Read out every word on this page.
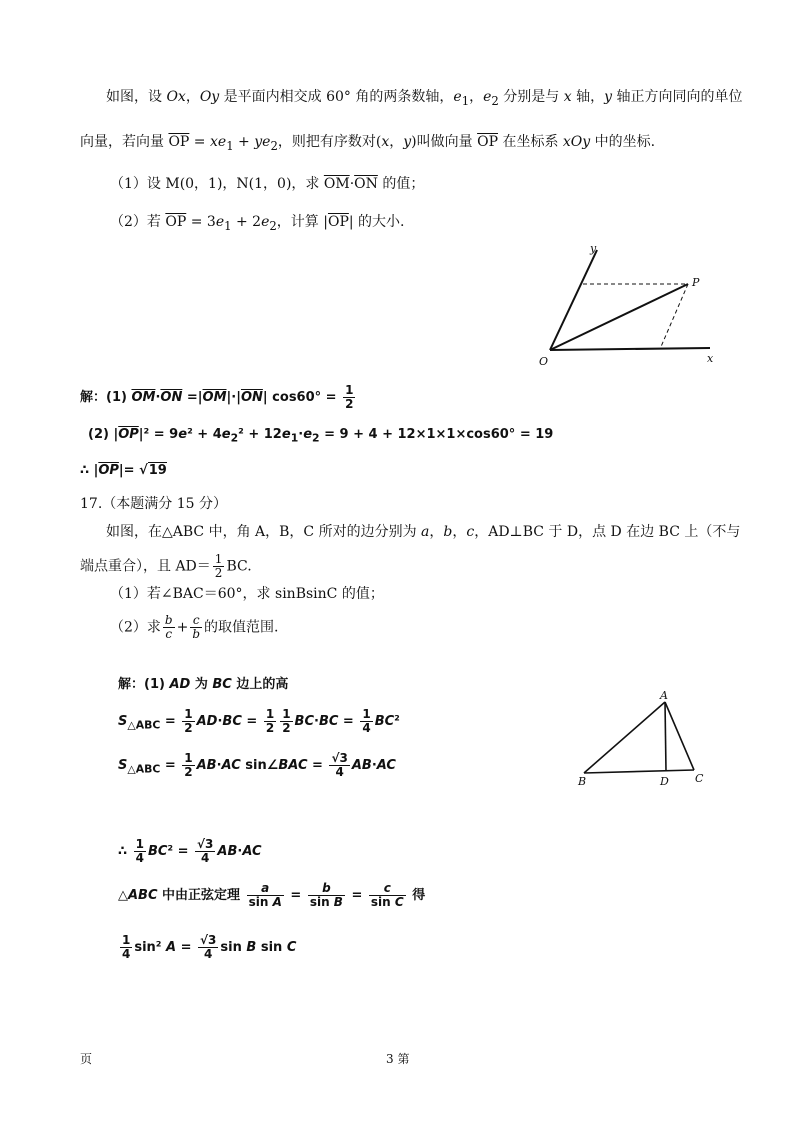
如图，设 Ox，Oy 是平面内相交成 60° 角的两条数轴，$e_1$，$e_2$ 分别是与 x 轴，y 轴正方向同向的单位
向量，若向量 $\overline{OP} = xe_1 + ye_2$，则把有序数对(x，y)叫做向量 $\overline{OP}$ 在坐标系 xOy 中的坐标.
（1）设 M(0，1)，N(1，0)，求 $\overline{OM}\cdot\overline{ON}$ 的值；
（2）若 $\overline{OP} = 3e_1 + 2e_2$，计算 $|\overline{OP}|$ 的大小.
y
P
O	x
解：(1) $\overline{OM}\cdot\overline{ON} =|\overline{OM}|\cdot|\overline{ON}|$ $\cos 60^\circ = \frac{1}{2}$
(2) $|\overline{OP}|^2 = 9e^2 + 4e_2^2 + 12e_1\cdot e_2 = 9 + 4 + 12\times 1\times 1\times\cos 60^\circ = 19$
∴ $|\overline{OP}|= √19$
17.（本题满分 15 分）
如图，在△ABC 中，角 A，B，C 所对的边分别为 a，b，c，AD⊥BC 于 D，点 D 在边 BC 上（不与
端点重合），且 $AD= \frac{1}{2}$ BC.
（1）若∠BAC＝60°，求 sinBsinC 的值；
（2）求 $\frac{b}{c} + \frac{c}{b}$ 的取值范围.
解：(1) AD 为 BC 边上的高
$S_{\triangle ABC} = \frac{1}{2} AD\cdot BC = \frac{1}{2} \frac{1}{2} BC\cdot BC = \frac{1}{4} BC^2$
$S_{\triangle ABC} = \frac{1}{2} AB\cdot AC$ sin∠BAC = $\frac{√3}{4} AB\cdot AC$
A
B	D C
∴ $\frac{1}{4} BC^2 = \frac{√3}{4} AB\cdot AC$
△ABC 中由正弦定理 $\frac{a}{\text{sin A}} = \frac{b}{\text{sin B}} = \frac{c}{\text{sin C}}$ 得
$\frac{1}{4} \sin^2$ $A = \frac{√3}{4}$ sin B sin C
页	3 第
